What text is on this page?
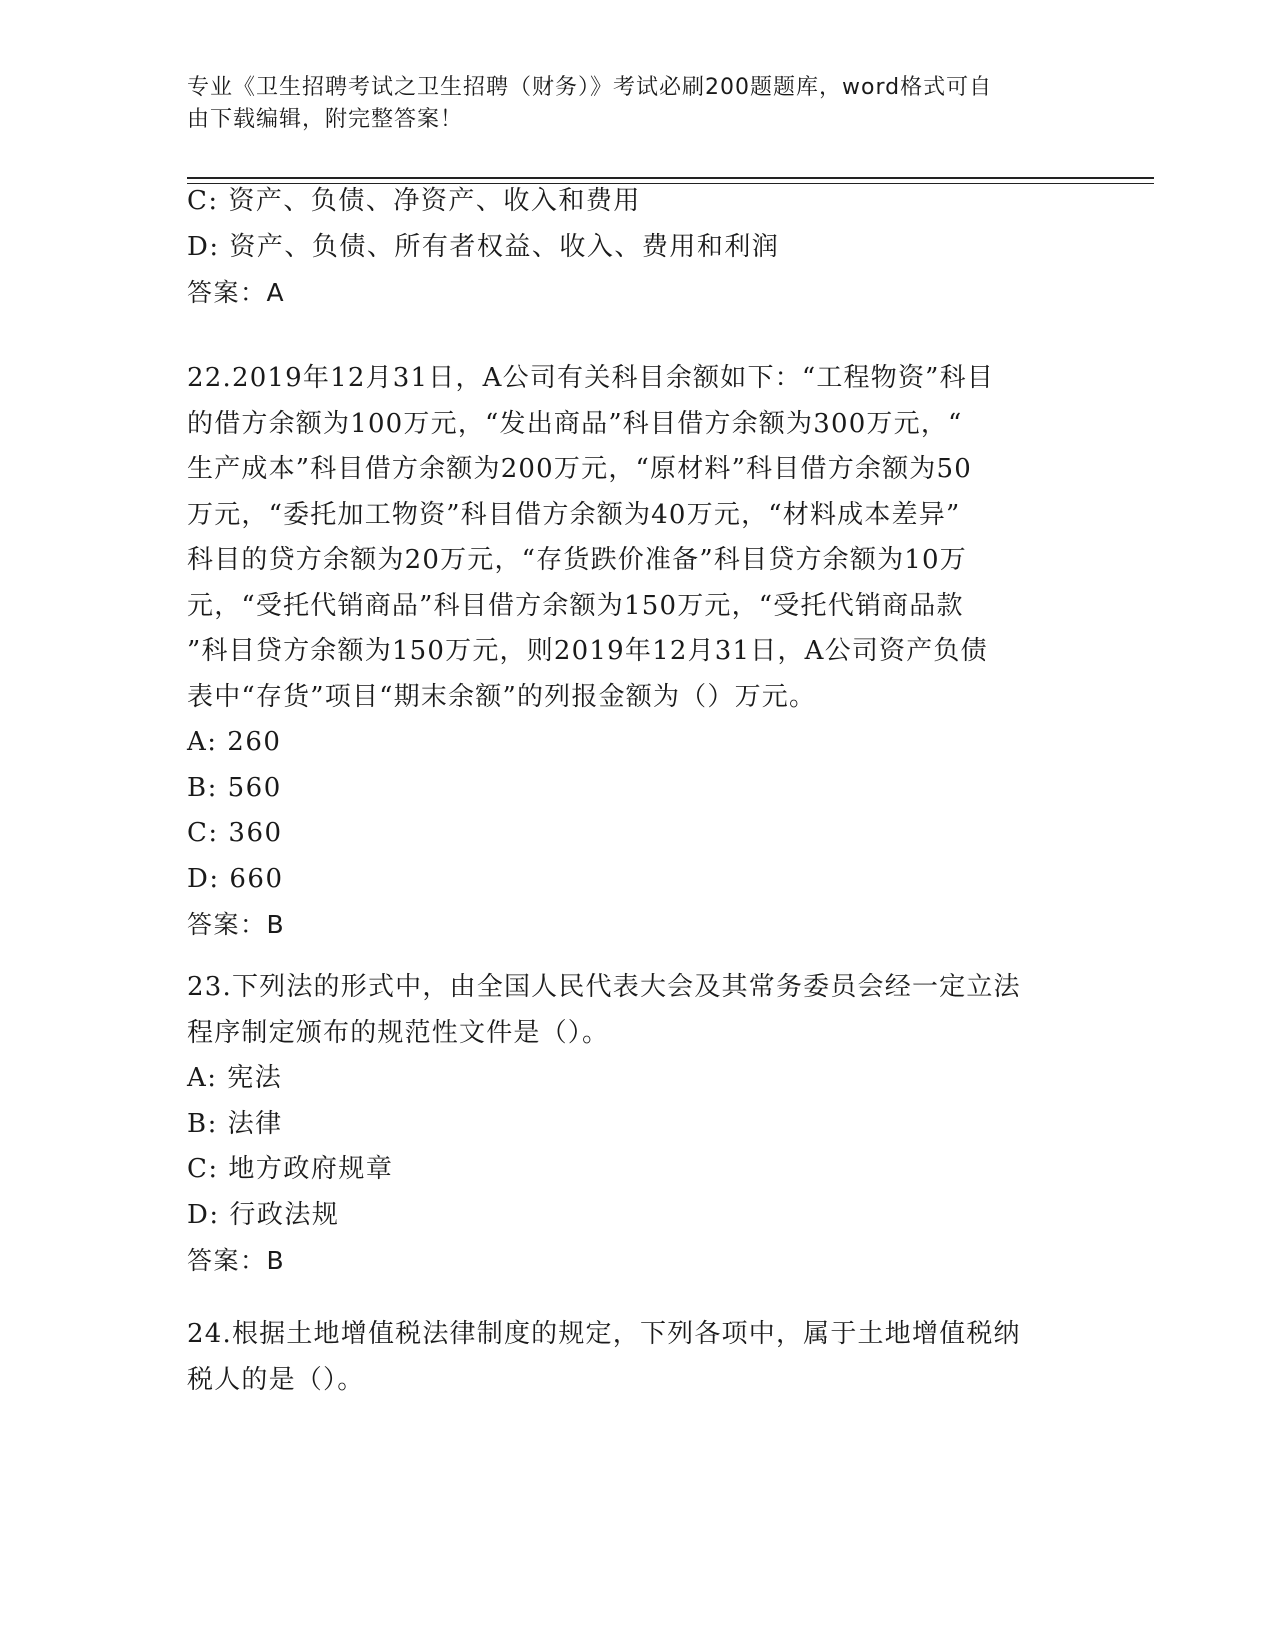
专业《卫生招聘考试之卫生招聘（财务）》考试必刷200题题库，word格式可自
由下载编辑，附完整答案！
C: 资产、负债、净资产、收入和费用
D: 资产、负债、所有者权益、收入、费用和利润
答案：A
22.2019年12月31日，A公司有关科目余额如下：“工程物资”科目
的借方余额为100万元，“发出商品”科目借方余额为300万元，“
生产成本”科目借方余额为200万元，“原材料”科目借方余额为50
万元，“委托加工物资”科目借方余额为40万元，“材料成本差异”
科目的贷方余额为20万元，“存货跌价准备”科目贷方余额为10万
元，“受托代销商品”科目借方余额为150万元，“受托代销商品款
”科目贷方余额为150万元，则2019年12月31日，A公司资产负债
表中“存货”项目“期末余额”的列报金额为（）万元。
A: 260
B: 560
C: 360
D: 660
答案：B
23.下列法的形式中，由全国人民代表大会及其常务委员会经一定立法
程序制定颁布的规范性文件是（）。
A: 宪法
B: 法律
C: 地方政府规章
D: 行政法规
答案：B
24.根据土地增值税法律制度的规定，下列各项中，属于土地增值税纳
税人的是（）。
